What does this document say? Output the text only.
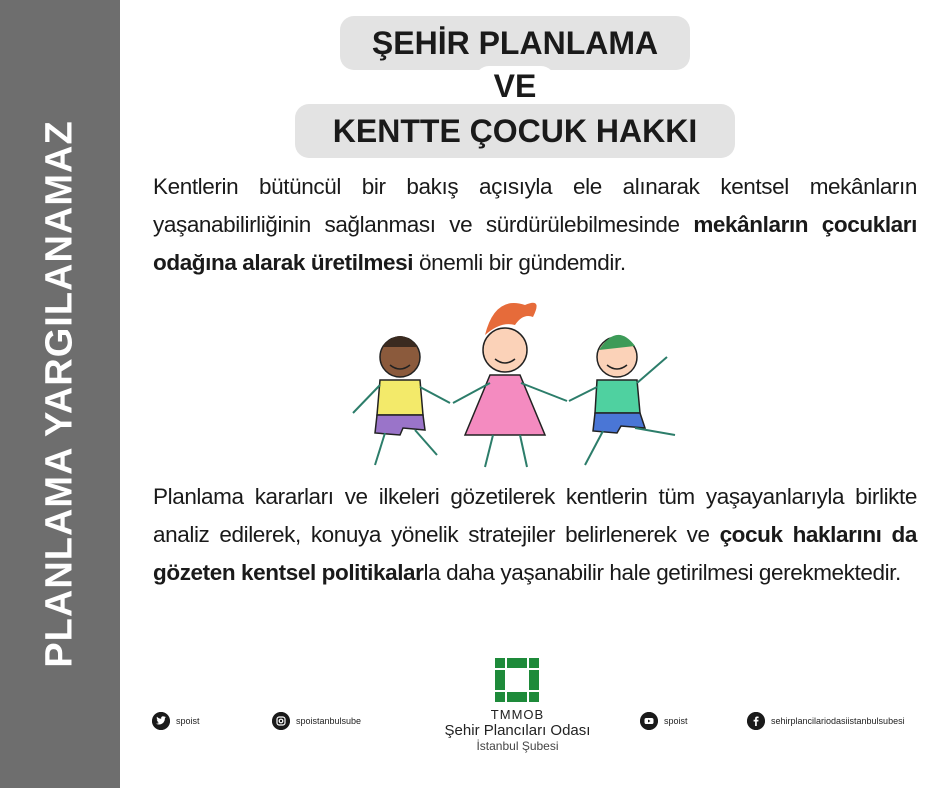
PLANLAMA YARGILANAMAZ
ŞEHİR PLANLAMA
VE
KENTTE ÇOCUK HAKKI
Kentlerin bütüncül bir bakış açısıyla ele alınarak kentsel mekânların yaşanabilirliğinin sağlanması ve sürdürülebilmesinde mekânların çocukları odağına alarak üretilmesi önemli bir gündemdir.
Planlama kararları ve ilkeleri gözetilerek kentlerin tüm yaşayanlarıyla birlikte analiz edilerek, konuya yönelik stratejiler belirlenerek ve çocuk haklarını da gözeten kentsel politikalarla daha yaşanabilir hale getirilmesi gerekmektedir.
TMMOB
Şehir Plancıları Odası
İstanbul Şubesi
spoist	spoistanbulsube	spoist	sehirplancilariodasiistanbulsubesi
